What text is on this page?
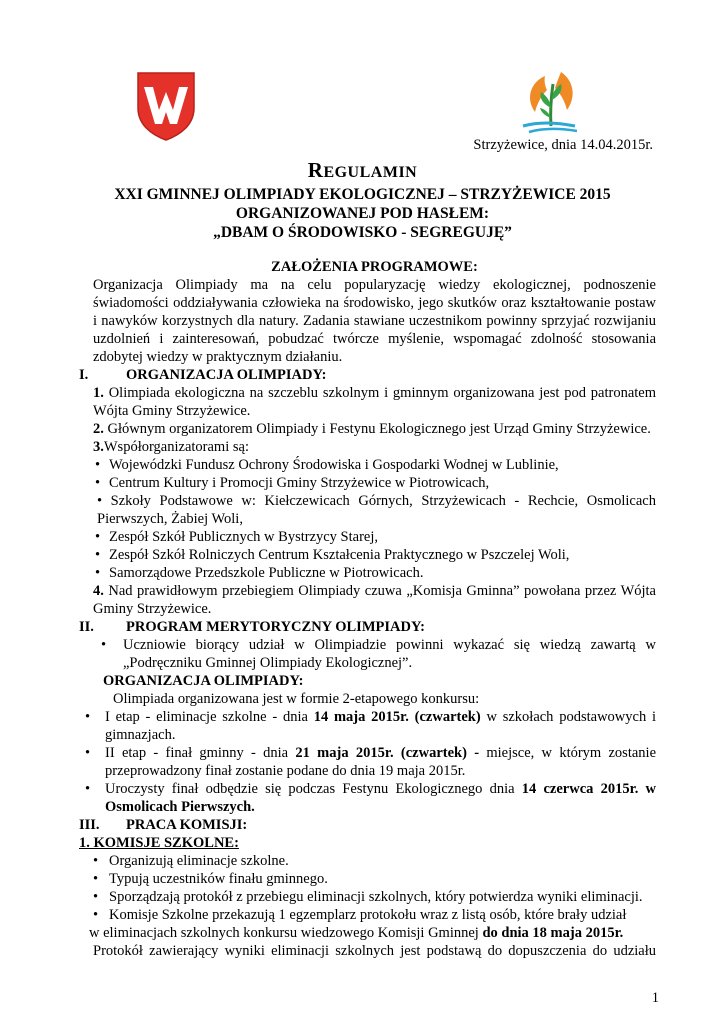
Strzyżewice, dnia 14.04.2015r.
REGULAMIN
XXI GMINNEJ OLIMPIADY EKOLOGICZNEJ – STRZYŻEWICE 2015
ORGANIZOWANEJ POD HASŁEM:
„DBAM O ŚRODOWISKO - SEGREGUJĘ”
ZAŁOŻENIA PROGRAMOWE:
Organizacja Olimpiady ma na celu popularyzację wiedzy ekologicznej, podnoszenie świadomości oddziaływania człowieka na środowisko, jego skutków oraz kształtowanie postaw i nawyków korzystnych dla natury. Zadania stawiane uczestnikom powinny sprzyjać rozwijaniu uzdolnień i zainteresowań, pobudzać twórcze myślenie, wspomagać zdolność stosowania zdobytej wiedzy w praktycznym działaniu.
I.	ORGANIZACJA OLIMPIADY:
1. Olimpiada ekologiczna na szczeblu szkolnym i gminnym organizowana jest pod patronatem Wójta Gminy Strzyżewice.
2. Głównym organizatorem Olimpiady i Festynu Ekologicznego jest Urząd Gminy Strzyżewice.
3.Współorganizatorami są:
• Wojewódzki Fundusz Ochrony Środowiska i Gospodarki Wodnej w Lublinie,
• Centrum Kultury i Promocji Gminy Strzyżewice w Piotrowicach,
• Szkoły Podstawowe w: Kiełczewicach Górnych, Strzyżewicach - Rechcie, Osmolicach Pierwszych, Żabiej Woli,
• Zespół Szkół Publicznych w Bystrzycy Starej,
• Zespół Szkół Rolniczych Centrum Kształcenia Praktycznego w Pszczelej Woli,
• Samorządowe Przedszkole Publiczne w Piotrowicach.
4. Nad prawidłowym przebiegiem Olimpiady czuwa „Komisja Gminna” powołana przez Wójta Gminy Strzyżewice.
II.	PROGRAM MERYTORYCZNY OLIMPIADY:
•	Uczniowie biorący udział w Olimpiadzie powinni wykazać się wiedzą zawartą w „Podręczniku Gminnej Olimpiady Ekologicznej”.
ORGANIZACJA OLIMPIADY:
Olimpiada organizowana jest w formie 2-etapowego konkursu:
•	I etap - eliminacje szkolne - dnia 14 maja 2015r. (czwartek) w szkołach podstawowych i gimnazjach.
•	II etap - finał gminny - dnia 21 maja 2015r. (czwartek) - miejsce, w którym zostanie przeprowadzony finał zostanie podane do dnia 19 maja 2015r.
•	Uroczysty finał odbędzie się podczas Festynu Ekologicznego dnia 14 czerwca 2015r. w Osmolicach Pierwszych.
III.	PRACA KOMISJI:
1. KOMISJE SZKOLNE:
• Organizują eliminacje szkolne.
• Typują uczestników finału gminnego.
• Sporządzają protokół z przebiegu eliminacji szkolnych, który potwierdza wyniki eliminacji.
• Komisje Szkolne przekazują 1 egzemplarz protokołu wraz z listą osób, które brały udział
w eliminacjach szkolnych konkursu wiedzowego Komisji Gminnej do dnia 18 maja 2015r.
Protokół zawierający wyniki eliminacji szkolnych jest podstawą do dopuszczenia do udziału
1
